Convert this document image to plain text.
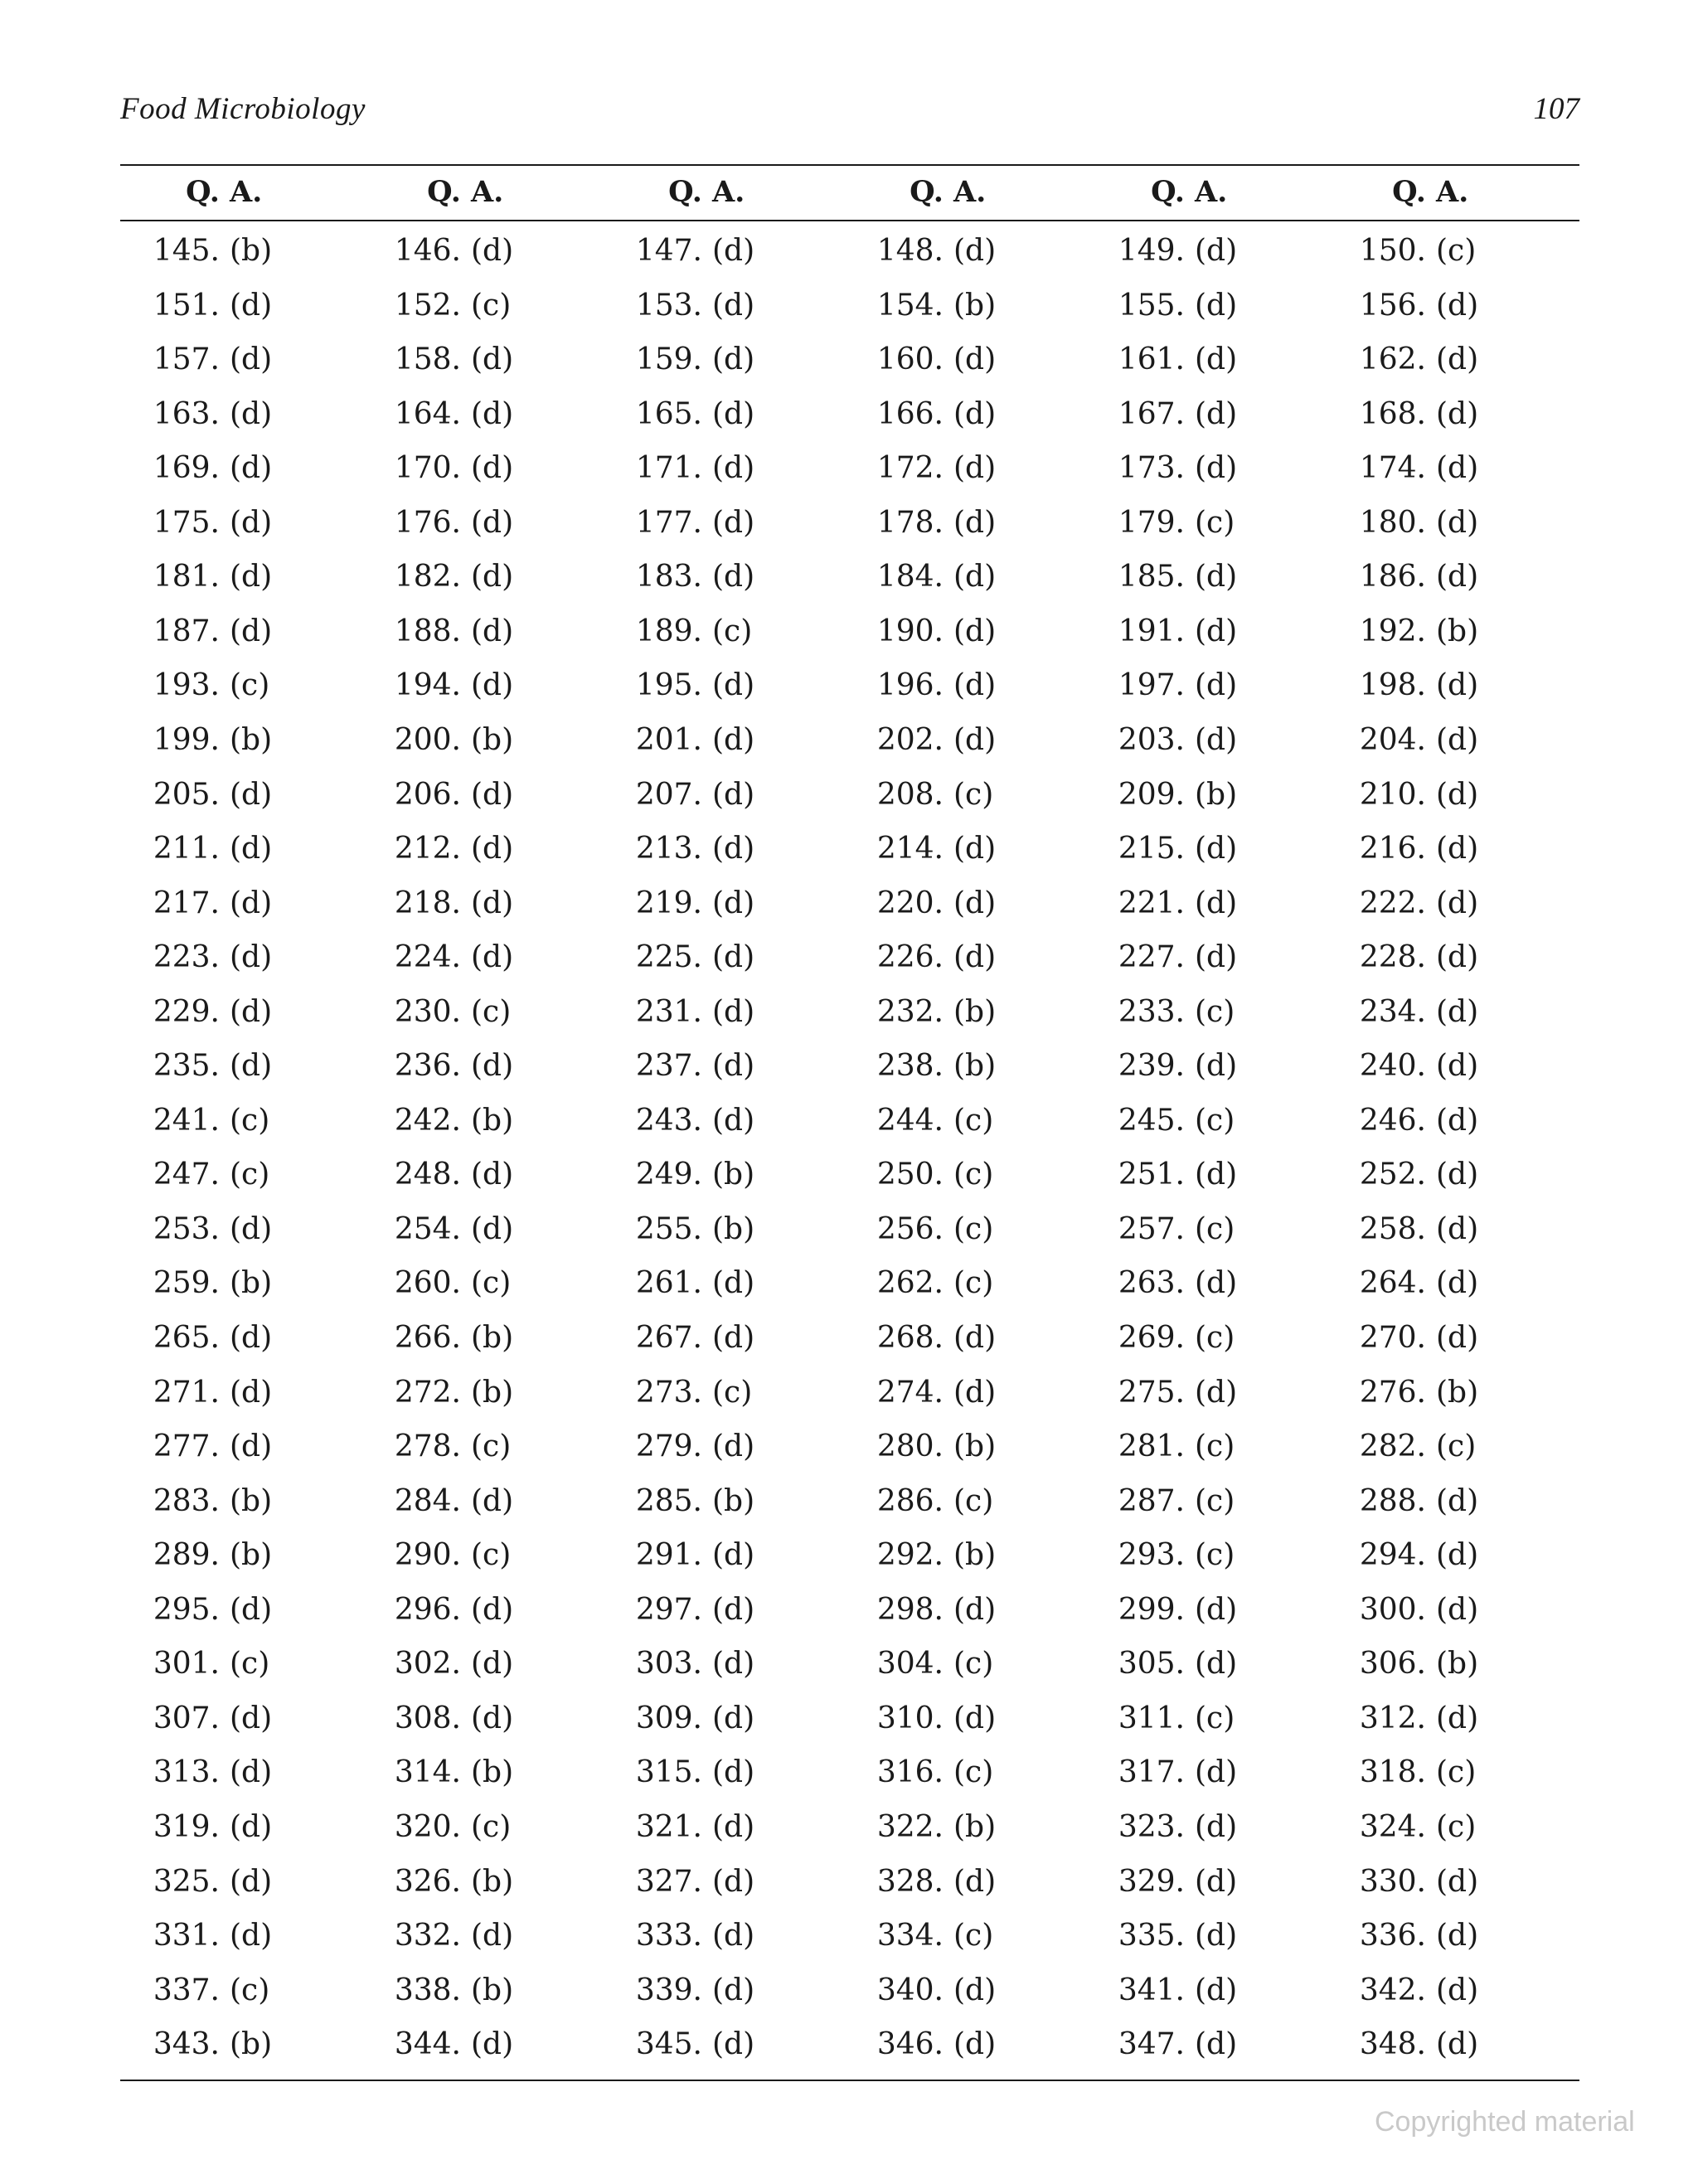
Food Microbiology	107
Q. A.	Q. A.	Q. A.	Q. A.	Q. A.	Q. A.
145. (b)	146. (d)	147. (d)	148. (d)	149. (d)	150. (c)
151. (d)	152. (c)	153. (d)	154. (b)	155. (d)	156. (d)
157. (d)	158. (d)	159. (d)	160. (d)	161. (d)	162. (d)
163. (d)	164. (d)	165. (d)	166. (d)	167. (d)	168. (d)
169. (d)	170. (d)	171. (d)	172. (d)	173. (d)	174. (d)
175. (d)	176. (d)	177. (d)	178. (d)	179. (c)	180. (d)
181. (d)	182. (d)	183. (d)	184. (d)	185. (d)	186. (d)
187. (d)	188. (d)	189. (c)	190. (d)	191. (d)	192. (b)
193. (c)	194. (d)	195. (d)	196. (d)	197. (d)	198. (d)
199. (b)	200. (b)	201. (d)	202. (d)	203. (d)	204. (d)
205. (d)	206. (d)	207. (d)	208. (c)	209. (b)	210. (d)
211. (d)	212. (d)	213. (d)	214. (d)	215. (d)	216. (d)
217. (d)	218. (d)	219. (d)	220. (d)	221. (d)	222. (d)
223. (d)	224. (d)	225. (d)	226. (d)	227. (d)	228. (d)
229. (d)	230. (c)	231. (d)	232. (b)	233. (c)	234. (d)
235. (d)	236. (d)	237. (d)	238. (b)	239. (d)	240. (d)
241. (c)	242. (b)	243. (d)	244. (c)	245. (c)	246. (d)
247. (c)	248. (d)	249. (b)	250. (c)	251. (d)	252. (d)
253. (d)	254. (d)	255. (b)	256. (c)	257. (c)	258. (d)
259. (b)	260. (c)	261. (d)	262. (c)	263. (d)	264. (d)
265. (d)	266. (b)	267. (d)	268. (d)	269. (c)	270. (d)
271. (d)	272. (b)	273. (c)	274. (d)	275. (d)	276. (b)
277. (d)	278. (c)	279. (d)	280. (b)	281. (c)	282. (c)
283. (b)	284. (d)	285. (b)	286. (c)	287. (c)	288. (d)
289. (b)	290. (c)	291. (d)	292. (b)	293. (c)	294. (d)
295. (d)	296. (d)	297. (d)	298. (d)	299. (d)	300. (d)
301. (c)	302. (d)	303. (d)	304. (c)	305. (d)	306. (b)
307. (d)	308. (d)	309. (d)	310. (d)	311. (c)	312. (d)
313. (d)	314. (b)	315. (d)	316. (c)	317. (d)	318. (c)
319. (d)	320. (c)	321. (d)	322. (b)	323. (d)	324. (c)
325. (d)	326. (b)	327. (d)	328. (d)	329. (d)	330. (d)
331. (d)	332. (d)	333. (d)	334. (c)	335. (d)	336. (d)
337. (c)	338. (b)	339. (d)	340. (d)	341. (d)	342. (d)
343. (b)	344. (d)	345. (d)	346. (d)	347. (d)	348. (d)
Copyrighted material
